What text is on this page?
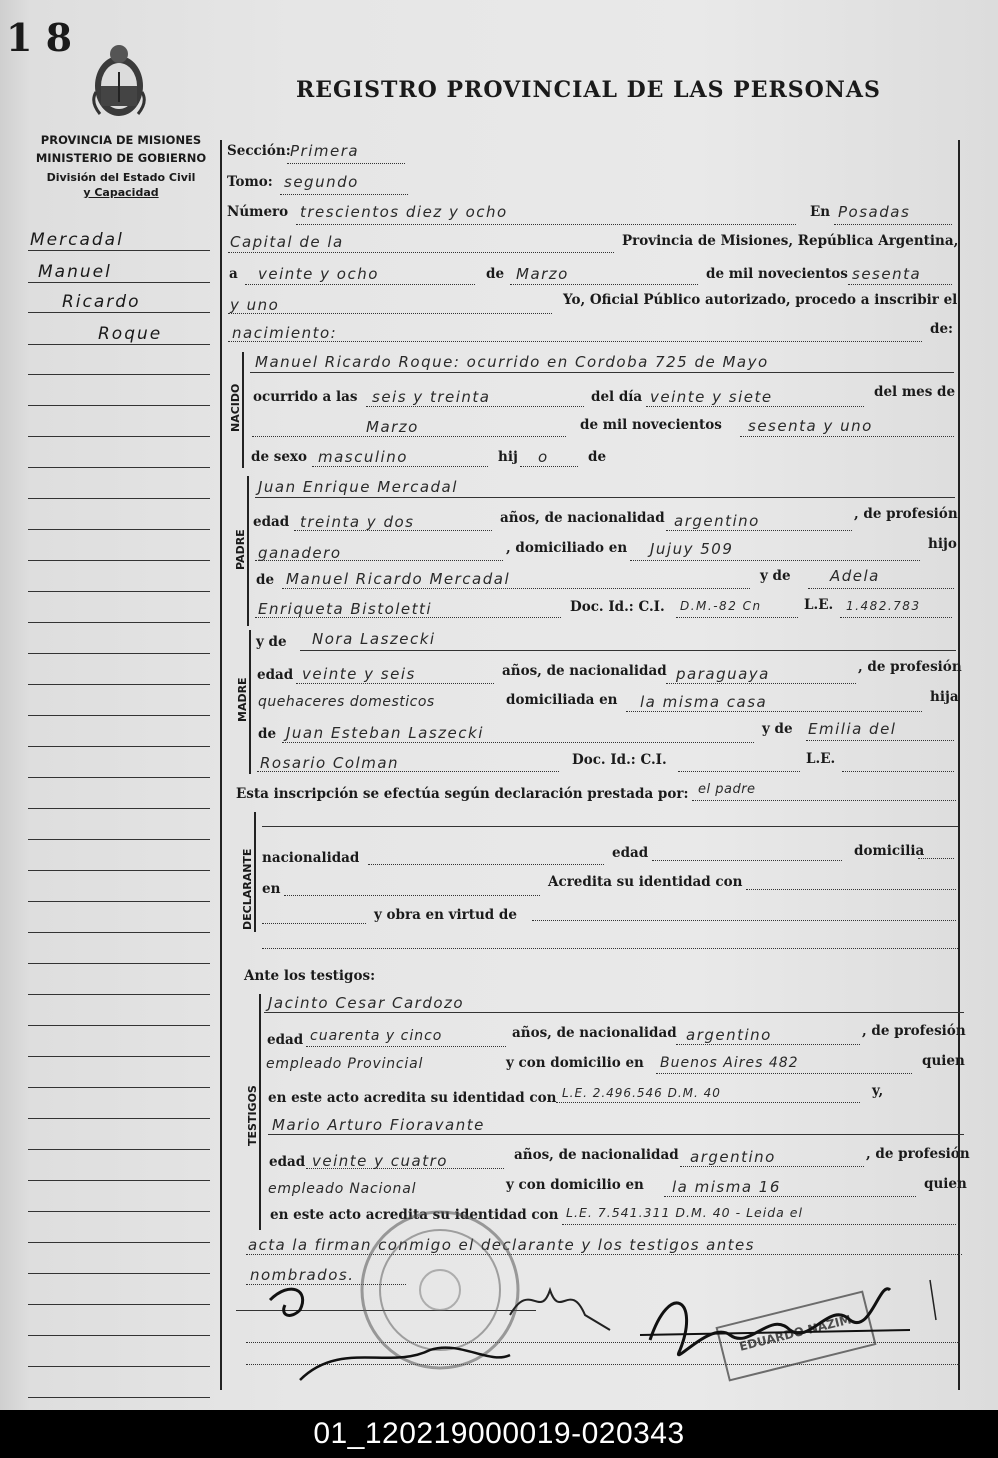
1 8
REGISTRO PROVINCIAL DE LAS PERSONAS
PROVINCIA DE MISIONES
MINISTERIO DE GOBIERNO
División del Estado Civil
y Capacidad
Mercadal
Manuel
Ricardo
Roque
Sección: Primera
Tomo: segundo
Número trescientos diez y ocho	En Posadas
Capital de la	Provincia de Misiones, República Argentina,
a veinte y ocho	de Marzo	de mil novecientos sesenta
y uno	Yo, Oficial Público autorizado, procedo a inscribir el
nacimiento:	de:
NACIDO
Manuel Ricardo Roque: ocurrido en Cordoba 725 de Mayo
ocurrido a las seis y treinta	del día veinte y siete	del mes de
Marzo	de mil novecientos sesenta y uno
de sexo masculino	hij o	de
PADRE
Juan Enrique Mercadal
edad treinta y dos	años, de nacionalidad argentino	, de profesión
ganadero	, domiciliado en Jujuy 509	hijo
de Manuel Ricardo Mercadal	y de	Adela
Enriqueta Bistoletti	Doc. Id.: C.I. D.M.-82 Cn	L.E. 1.482.783
MADRE
y de Nora Laszecki
edad veinte y seis	años, de nacionalidad paraguaya	, de profesión
quehaceres domesticos	domiciliada en la misma casa	hija
de Juan Esteban Laszecki	y de Emilia del
Rosario Colman	Doc. Id.: C.I.	L.E.
Esta inscripción se efectúa según declaración prestada por: el padre
DECLARANTE nacionalidad	edad	domicilia
en	Acredita su identidad con
y obra en virtud de
Ante los testigos:
TESTIGOS
Jacinto Cesar Cardozo
edad cuarenta y cinco	años, de nacionalidad argentino	, de profesión
empleado Provincial	y con domicilio en Buenos Aires 482	quien
en este acto acredita su identidad con L.E. 2.496.546 D.M. 40	y,
Mario Arturo Fioravante
edad veinte y cuatro	años, de nacionalidad argentino	, de profesión
empleado Nacional	y con domicilio en la misma 16	quien
en este acto acredita su identidad con L.E. 7.541.311 D.M. 40 - Leida el
acta la firman conmigo el declarante y los testigos antes
nombrados.
EDUARDO NAZIM
01_120219000019-020343
